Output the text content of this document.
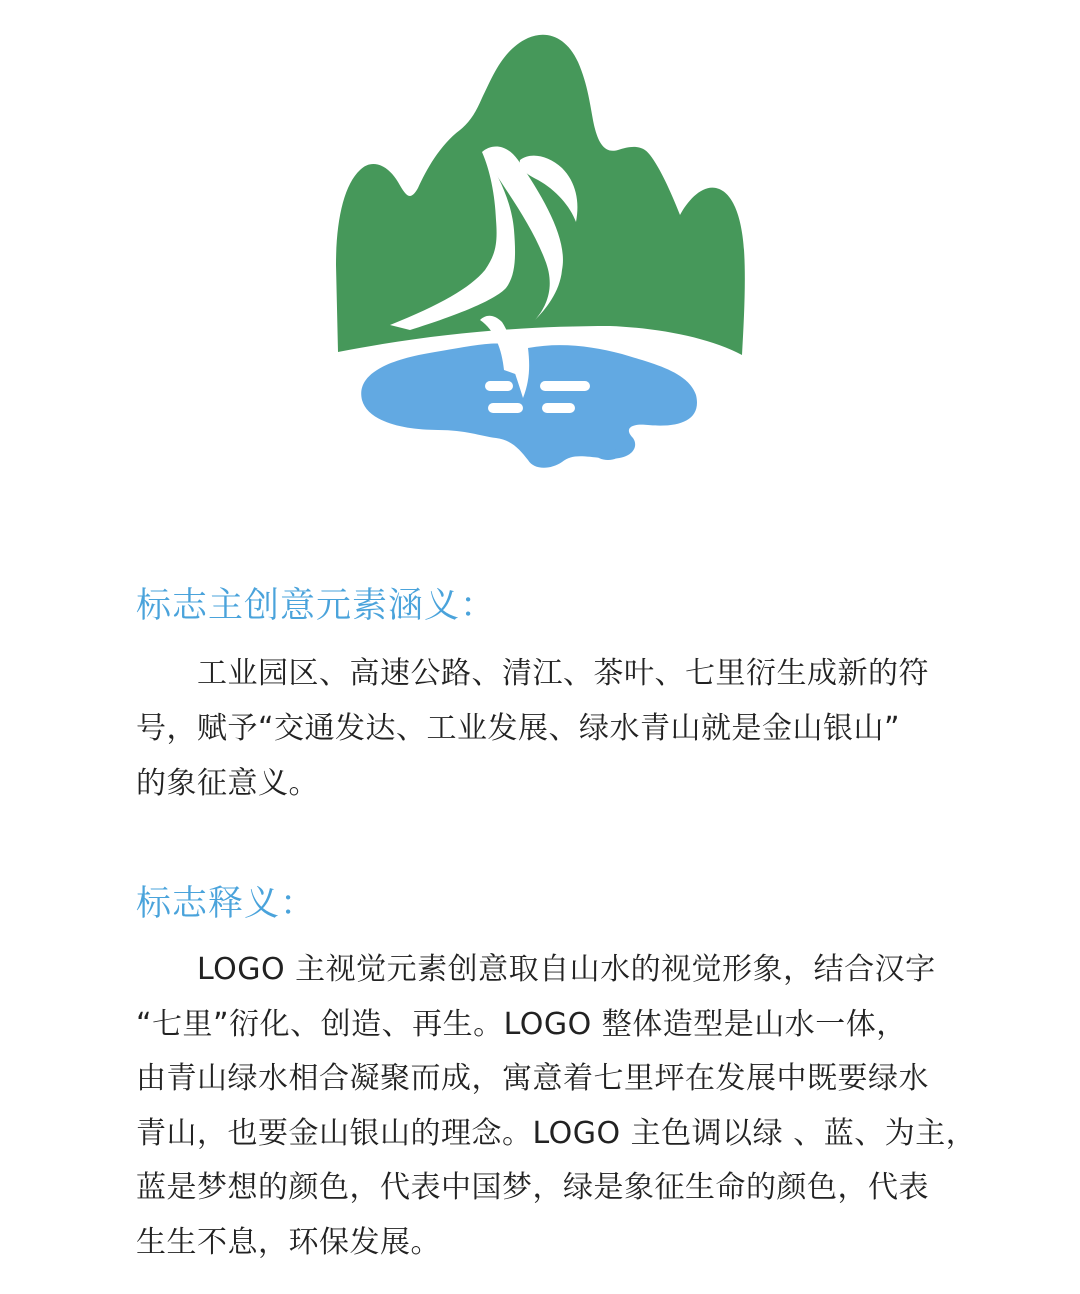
标志主创意元素涵义：

　　工业园区、高速公路、清江、茶叶、七里衍生成新的符
号，赋予“交通发达、工业发展、绿水青山就是金山银山”
的象征意义。

标志释义：

　　LOGO 主视觉元素创意取自山水的视觉形象，结合汉字
“七里”衍化、创造、再生。LOGO 整体造型是山水一体，
由青山绿水相合凝聚而成，寓意着七里坪在发展中既要绿水
青山，也要金山银山的理念。LOGO 主色调以绿 、蓝、为主，
蓝是梦想的颜色，代表中国梦，绿是象征生命的颜色，代表
生生不息，环保发展。
